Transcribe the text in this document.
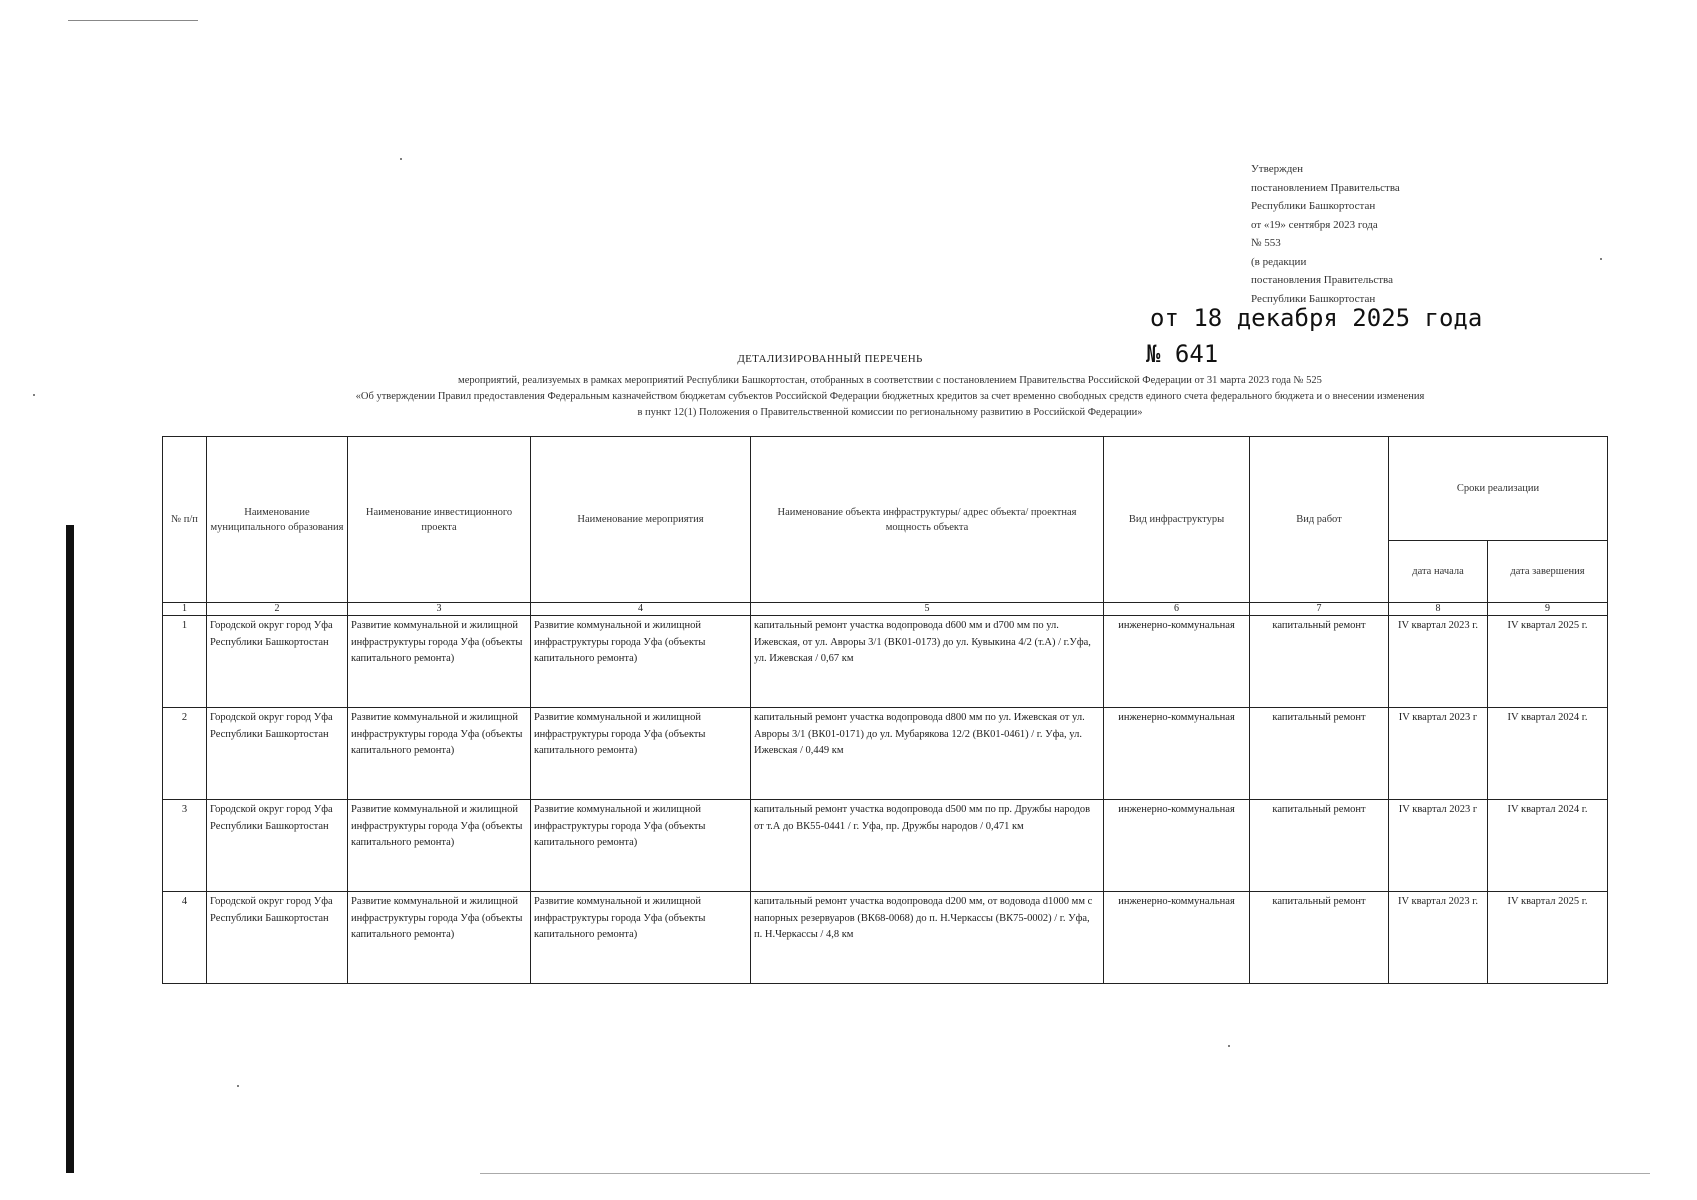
Утвержден
постановлением Правительства
Республики Башкортостан
от «19» сентября 2023 года
№ 553
(в редакции
постановления Правительства
Республики Башкортостан
от 18 декабря 2025 года
№ 641
ДЕТАЛИЗИРОВАННЫЙ ПЕРЕЧЕНЬ
мероприятий, реализуемых в рамках мероприятий Республики Башкортостан, отобранных в соответствии с постановлением Правительства Российской Федерации от 31 марта 2023 года № 525
«Об утверждении Правил предоставления Федеральным казначейством бюджетам субъектов Российской Федерации бюджетных кредитов за счет временно свободных средств единого счета федерального бюджета и о внесении изменения
в пункт 12(1) Положения о Правительственной комиссии по региональному развитию в Российской Федерации»
№ п/п	Наименование муниципального образования	Наименование инвестиционного проекта	Наименование мероприятия	Наименование объекта инфраструктуры/ адрес объекта/ проектная мощность объекта	Вид инфраструктуры	Вид работ	Сроки реализации	
							дата начала	дата завершения
1	2	3	4	5	6	7	8	9
1	Городской округ город Уфа Республики Башкортостан	Развитие коммунальной и жилищной инфраструктуры города Уфа (объекты капитального ремонта)	Развитие коммунальной и жилищной инфраструктуры города Уфа (объекты капитального ремонта)	капитальный ремонт участка водопровода d600 мм и d700 мм по ул. Ижевская, от ул. Авроры 3/1 (ВК01-0173) до ул. Кувыкина 4/2 (т.А) / г.Уфа, ул. Ижевская / 0,67 км	инженерно-коммунальная	капитальный ремонт	IV квартал 2023 г.	IV квартал 2025 г.
2	Городской округ город Уфа Республики Башкортостан	Развитие коммунальной и жилищной инфраструктуры города Уфа (объекты капитального ремонта)	Развитие коммунальной и жилищной инфраструктуры города Уфа (объекты капитального ремонта)	капитальный ремонт участка водопровода d800 мм по ул. Ижевская от ул. Авроры 3/1 (ВК01-0171) до ул. Мубарякова 12/2 (ВК01-0461) / г. Уфа, ул. Ижевская / 0,449 км	инженерно-коммунальная	капитальный ремонт	IV квартал 2023 г	IV квартал 2024 г.
3	Городской округ город Уфа Республики Башкортостан	Развитие коммунальной и жилищной инфраструктуры города Уфа (объекты капитального ремонта)	Развитие коммунальной и жилищной инфраструктуры города Уфа (объекты капитального ремонта)	капитальный ремонт участка водопровода d500 мм по пр. Дружбы народов от т.А до ВК55-0441 / г. Уфа, пр. Дружбы народов / 0,471 км	инженерно-коммунальная	капитальный ремонт	IV квартал 2023 г	IV квартал 2024 г.
4	Городской округ город Уфа Республики Башкортостан	Развитие коммунальной и жилищной инфраструктуры города Уфа (объекты капитального ремонта)	Развитие коммунальной и жилищной инфраструктуры города Уфа (объекты капитального ремонта)	капитальный ремонт участка водопровода d200 мм, от водовода d1000 мм с напорных резервуаров (ВК68-0068) до п. Н.Черкассы (ВК75-0002) / г. Уфа, п. Н.Черкассы / 4,8 км	инженерно-коммунальная	капитальный ремонт	IV квартал 2023 г.	IV квартал 2025 г.
